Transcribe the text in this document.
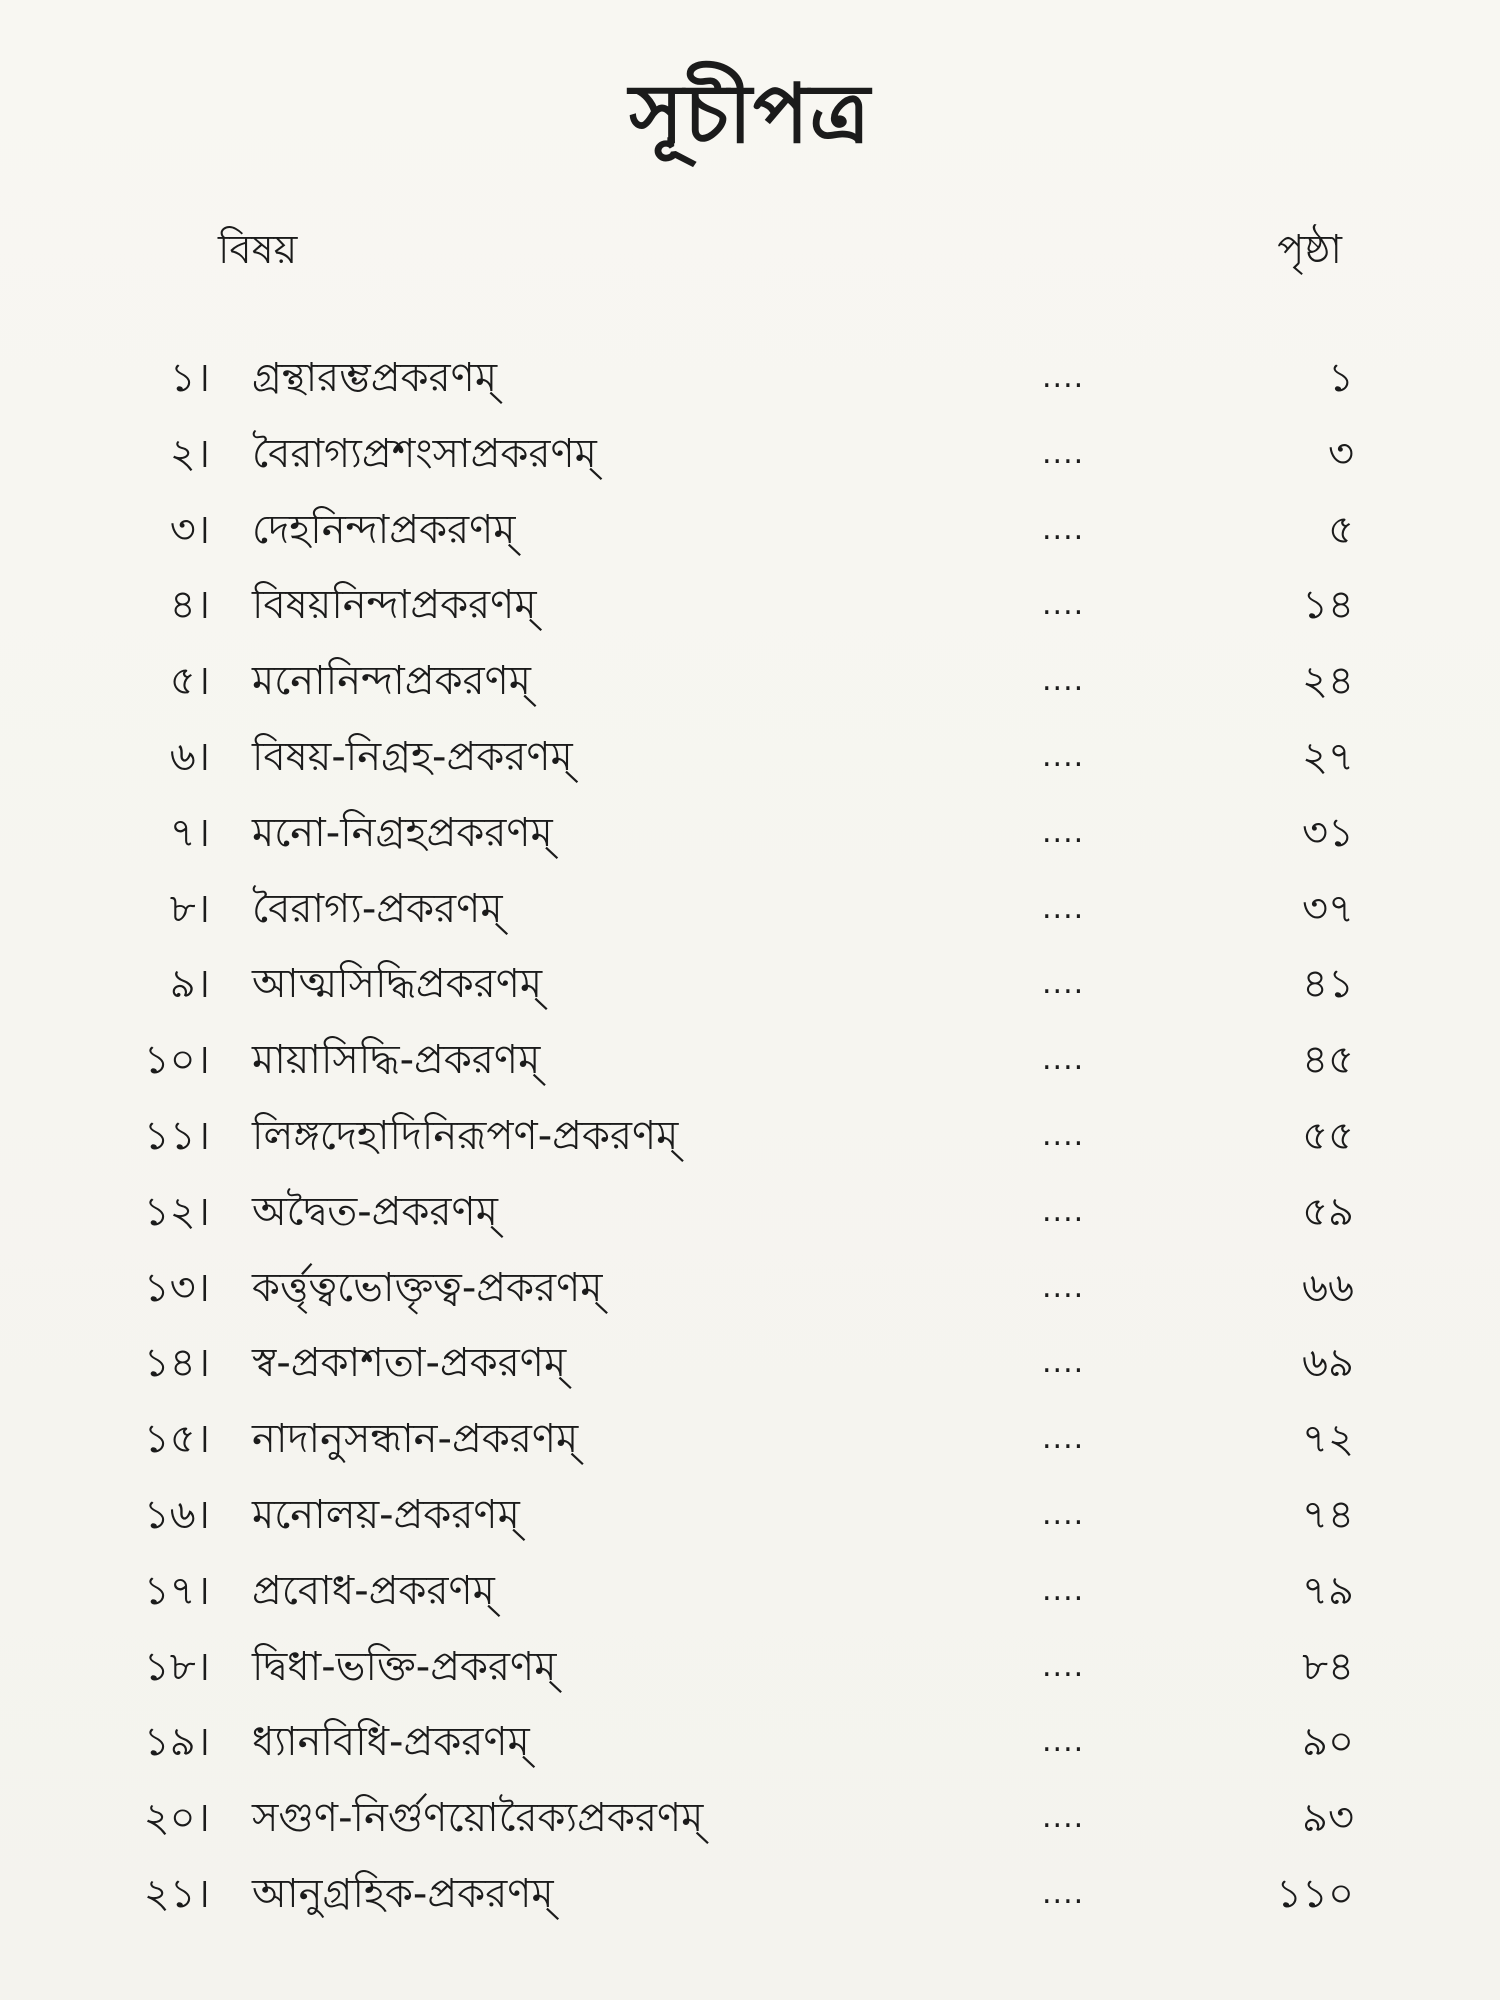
সূচীপত্র
বিষয়	পৃষ্ঠা
১। গ্রন্থারম্ভপ্রকরণম্	....	১
২। বৈরাগ্যপ্রশংসাপ্রকরণম্	....	৩
৩। দেহনিন্দাপ্রকরণম্	....	৫
৪। বিষয়নিন্দাপ্রকরণম্	....	১৪
৫। মনোনিন্দাপ্রকরণম্	....	২৪
৬। বিষয়-নিগ্রহ-প্রকরণম্	....	২৭
৭। মনো-নিগ্রহপ্রকরণম্	....	৩১
৮। বৈরাগ্য-প্রকরণম্	....	৩৭
৯। আত্মসিদ্ধিপ্রকরণম্	....	৪১
১০। মায়াসিদ্ধি-প্রকরণম্	....	৪৫
১১। লিঙ্গদেহাদিনিরূপণ-প্রকরণম্	....	৫৫
১২। অদ্বৈত-প্রকরণম্	....	৫৯
১৩। কর্ত্তৃত্বভোক্তৃত্ব-প্রকরণম্	....	৬৬
১৪। স্ব-প্রকাশতা-প্রকরণম্	....	৬৯
১৫। নাদানুসন্ধান-প্রকরণম্	....	৭২
১৬। মনোলয়-প্রকরণম্	....	৭৪
১৭। প্রবোধ-প্রকরণম্	....	৭৯
১৮। দ্বিধা-ভক্তি-প্রকরণম্	....	৮৪
১৯। ধ্যানবিধি-প্রকরণম্	....	৯০
২০। সগুণ-নির্গুণয়োরৈক্যপ্রকরণম্	....	৯৩
২১। আনুগ্রহিক-প্রকরণম্	....	১১০
